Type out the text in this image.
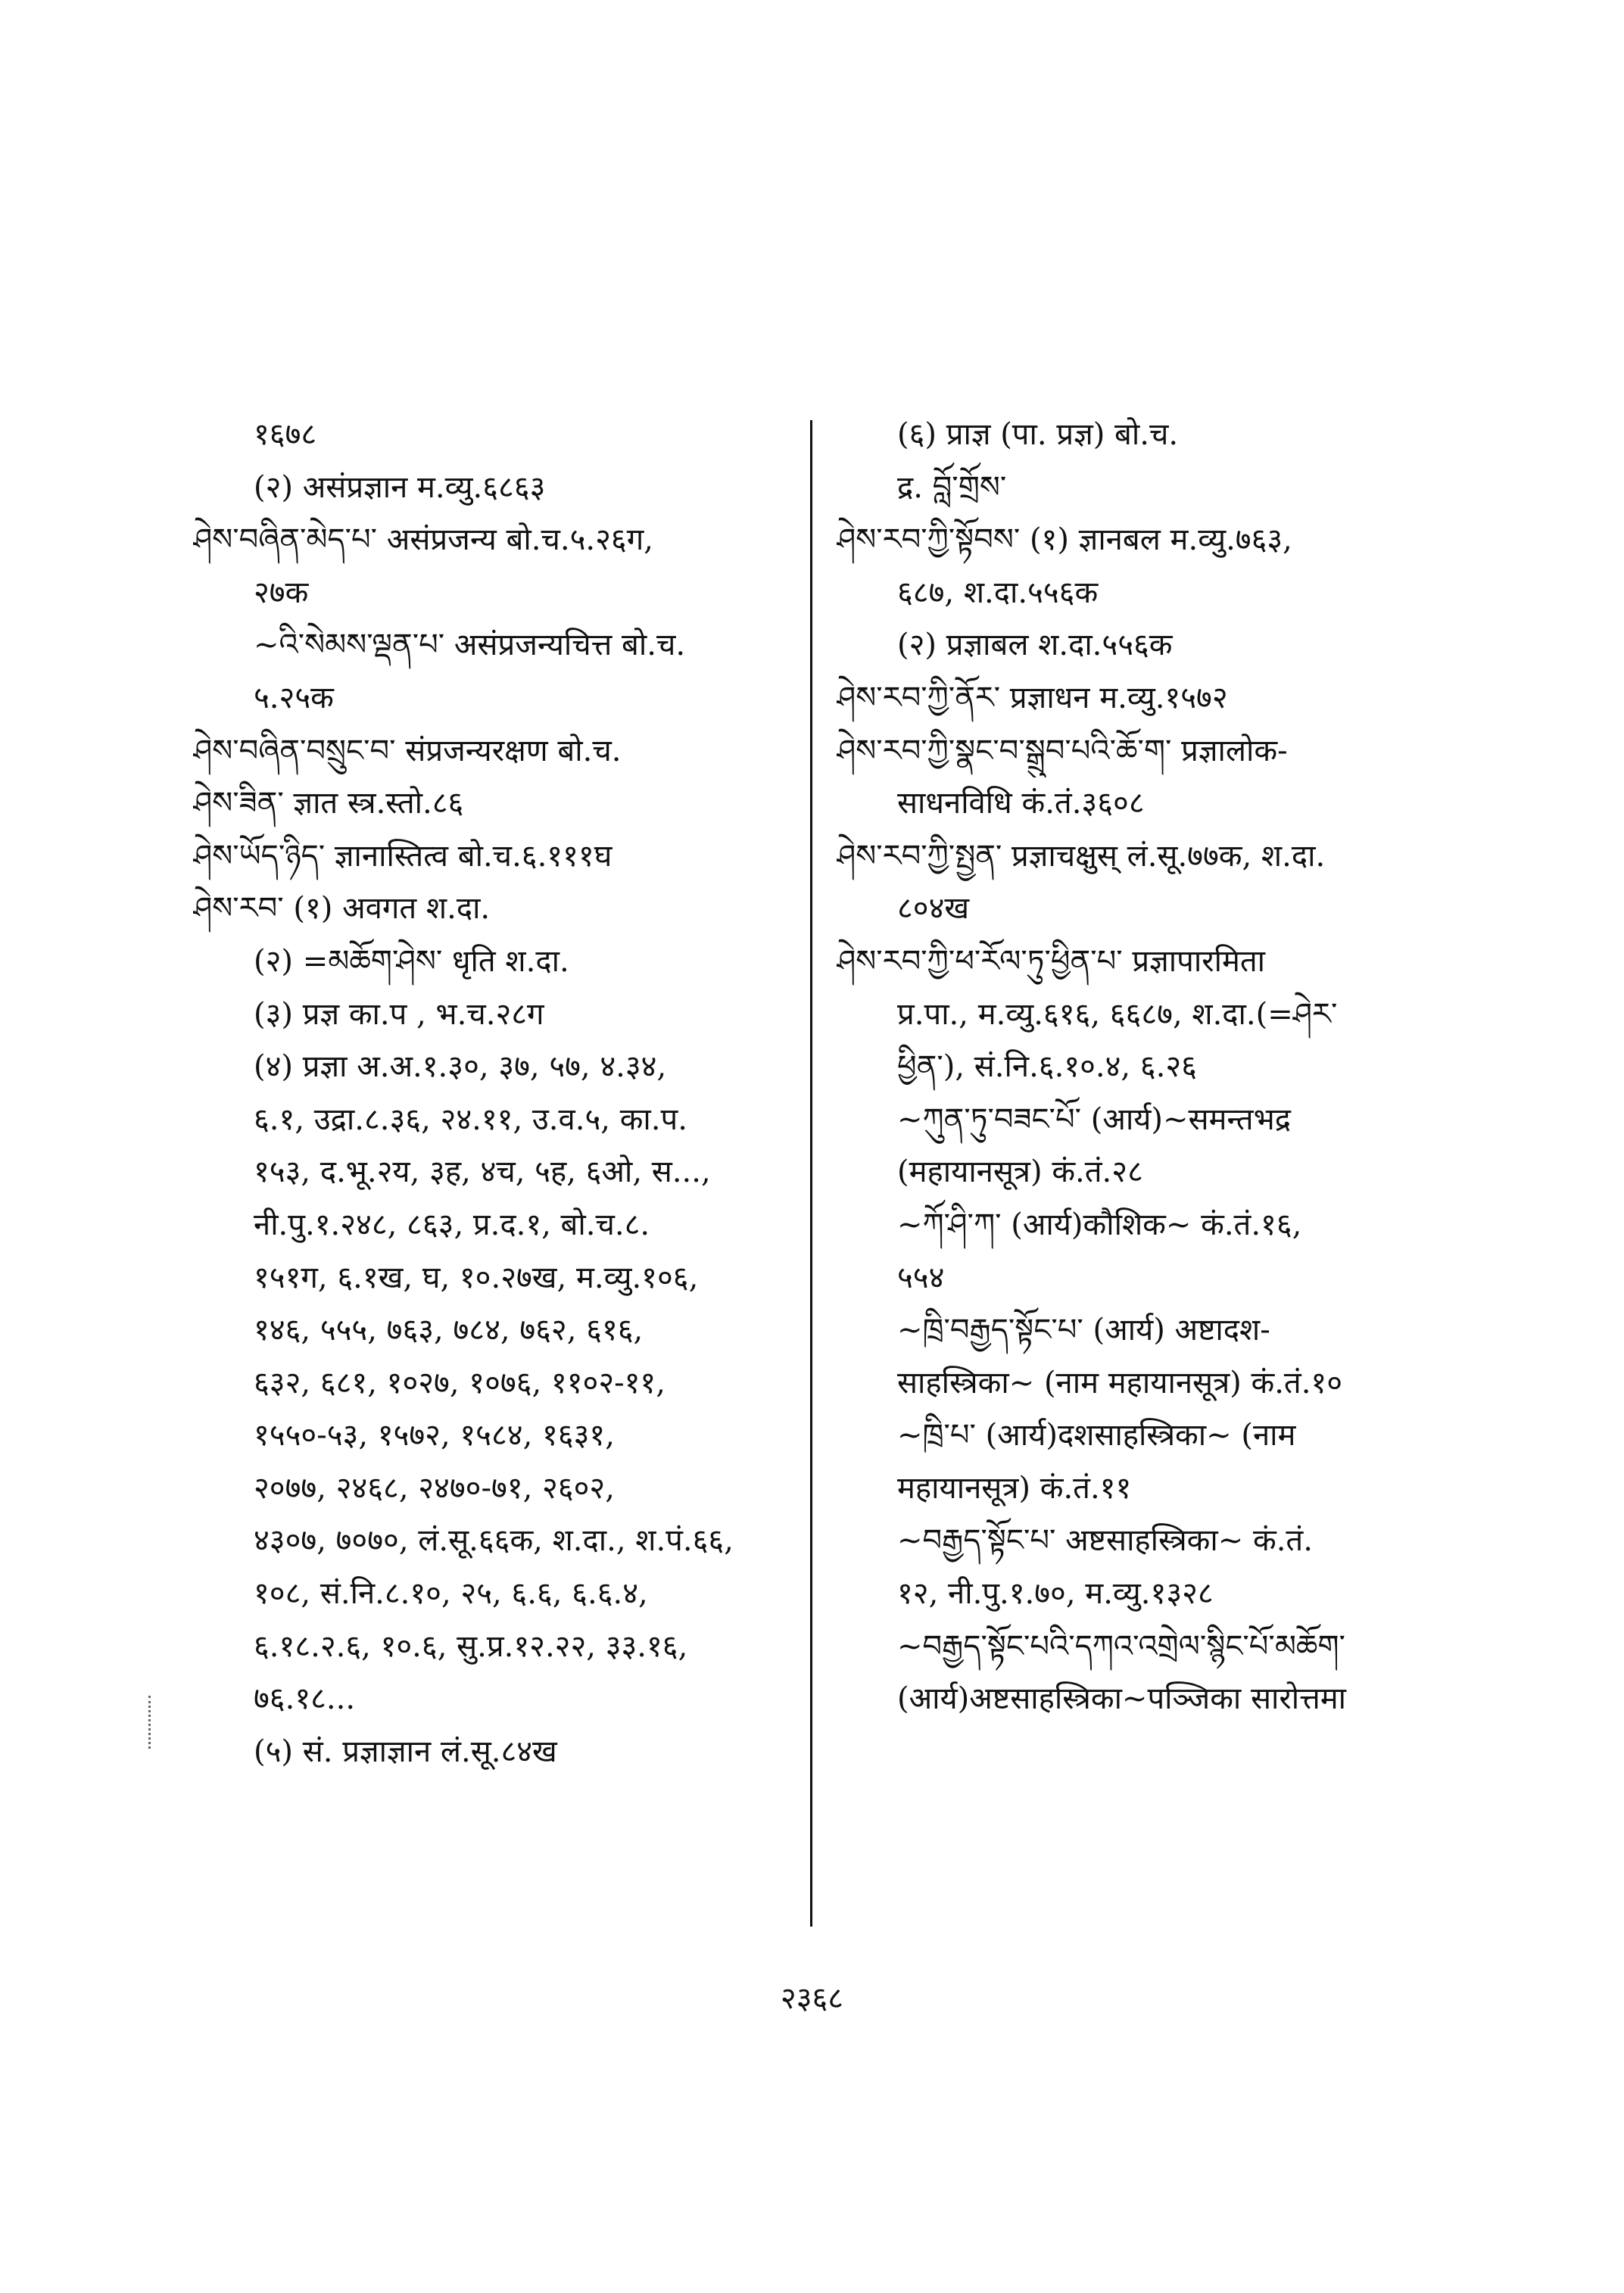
१६७८
(२) असंप्रज्ञान म.व्यु.६८६३
ཤེས་བཞིན་མེད་པ་ असंप्रजन्य बो.च.५.२६ग,
२७क
~འི་སེམས་ལྡན་པ་ असंप्रजन्यचित्त बो.च.
५.२५क
ཤེས་བཞིན་བསྲུང་བ་ संप्रजन्यरक्षण बो.च.
ཤེས་ཟིན་ ज्ञात स्त्र.स्तो.८६
ཤེས་ཡོད་ཉིད་ ज्ञानास्तित्व बो.च.६.१११घ
ཤེས་རབ་ (१) अवगत श.दा.
(२) =མཆོག་ཤེས་ धृति श.दा.
(३) प्रज्ञ का.प , भ.च.२८ग
(४) प्रज्ञा अ.अ.१.३०, ३७, ५७, ४.३४,
६.१, उद्रा.८.३६, २४.११, उ.व.५, का.प.
१५३, द.भू.२य, ३ह, ४च, ५ह, ६ओ, स...,
नी.पु.१.२४८, ८६३, प्र.द.१, बो.च.८.
१५१ग, ६.१ख, घ, १०.२७ख, म.व्यु.१०६,
१४६, ५५५, ७६३, ७८४, ७६२, ६१६,
६३२, ६८१, १०२७, १०७६, ११०२-११,
१५५०-५३, १५७२, १५८४, १६३१,
२०७७, २४६८, २४७०-७१, २६०२,
४३०७, ७०७०, लं.सू.६६क, श.दा., श.पं.६६,
१०८, सं.नि.८.१०, २५, ६.६, ६.६.४,
६.१८.२.६, १०.६, सु.प्र.१२.२२, ३३.१६,
७६.१८...
(५) सं. प्रज्ञाज्ञान लं.सू.८४ख
(६) प्राज्ञ (पा. प्रज्ञ) बो.च.
द्र. བློ་གྲོས་
ཤེས་རབ་ཀྱི་སྟོབས་ (१) ज्ञानबल म.व्यु.७६३,
६८७, श.दा.५५६क
(२) प्रज्ञाबल श.दा.५५६क
ཤེས་རབ་ཀྱི་ནོར་ प्रज्ञाधन म.व्यु.१५७२
ཤེས་རབ་ཀྱི་སྣང་བ་སྒྲུབ་པའི་ཆོ་ག་ प्रज्ञालोक-
साधनविधि कं.तं.३६०८
ཤེས་རབ་ཀྱི་སྤྱན་ प्रज्ञाचक्षुस् लं.सू.७७क, श.दा.
८०४ख
ཤེས་རབ་ཀྱི་ཕ་རོལ་ཏུ་ཕྱིན་པ་ प्रज्ञापारमिता
प्र.पा., म.व्यु.६१६, ६६८७, श.दा.(=ཤེར་
ཕྱིན་), सं.नि.६.१०.४, ६.२६
~ཀུན་ཏུ་བཟང་པོ་ (आर्य)~समन्तभद्र
(महायानसूत्र) कं.तं.२८
~ཀོ་ཤི་ཀ་ (आर्य)कौशिक~ कं.तं.१६,
५५४
~ཁྲི་བརྒྱད་སྟོང་པ་ (आर्य) अष्टादश-
साहस्त्रिका~ (नाम महायानसूत्र) कं.तं.१०
~ཁྲི་པ་ (आर्य)दशसाहस्त्रिका~ (नाम
महायानसूत्र) कं.तं.११
~བརྒྱད་སྟོང་པ་ अष्टसाहस्त्रिका~ कं.तं.
१२, नी.पु.१.७०, म.व्यु.१३२८
~བརྒྱད་སྟོང་པའི་དཀའ་འགྲེལ་སྙིང་པོ་མཆོག་
(आर्य)अष्टसाहस्त्रिका~पञ्जिका सारोत्तमा
२३६८
